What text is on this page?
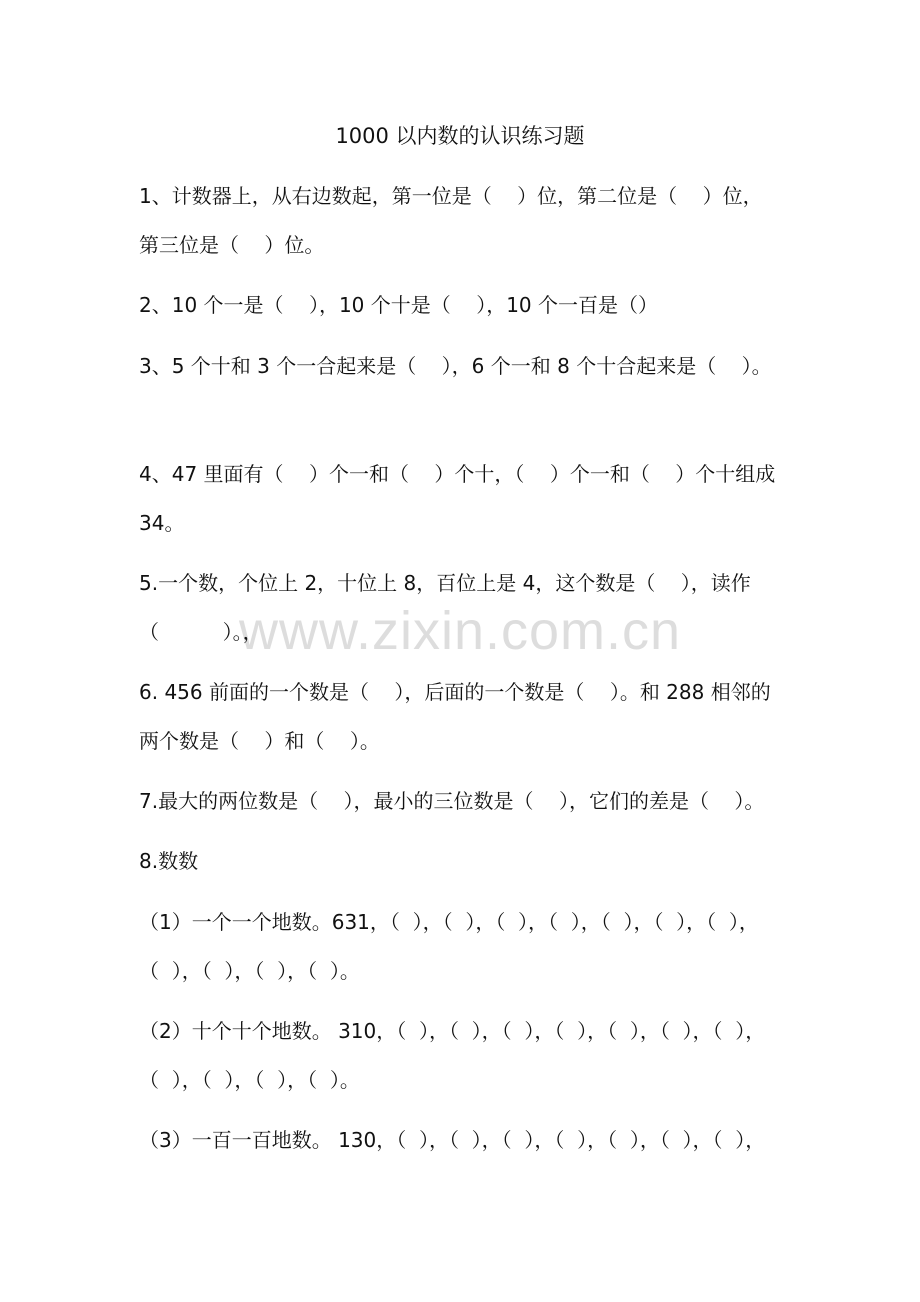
1000 以内数的认识练习题
www.zixin.com.cn
1、计数器上，从右边数起，第一位是（    ）位，第二位是（    ）位，
第三位是（    ）位。
2、10 个一是（    ），10 个十是（    ），10 个一百是（）
3、5 个十和 3 个一合起来是（    ），6 个一和 8 个十合起来是（    ）。
4、47 里面有（    ）个一和（    ）个十，（    ）个一和（    ）个十组成
34。
5.一个数，个位上 2，十位上 8，百位上是 4，这个数是（    ），读作
（          ）。，
6. 456 前面的一个数是（    ），后面的一个数是（    ）。和 288 相邻的
两个数是（    ）和（    ）。
7.最大的两位数是（    ），最小的三位数是（    ），它们的差是（    ）。
8.数数
（1）一个一个地数。631，（  ），（  ），（  ），（  ），（  ），（  ），（  ），
（  ），（  ），（  ），（  ）。
（2）十个十个地数。 310，（  ），（  ），（  ），（  ），（  ），（  ），（  ），
（  ），（  ），（  ），（  ）。
（3）一百一百地数。 130，（  ），（  ），（  ），（  ），（  ），（  ），（  ），
